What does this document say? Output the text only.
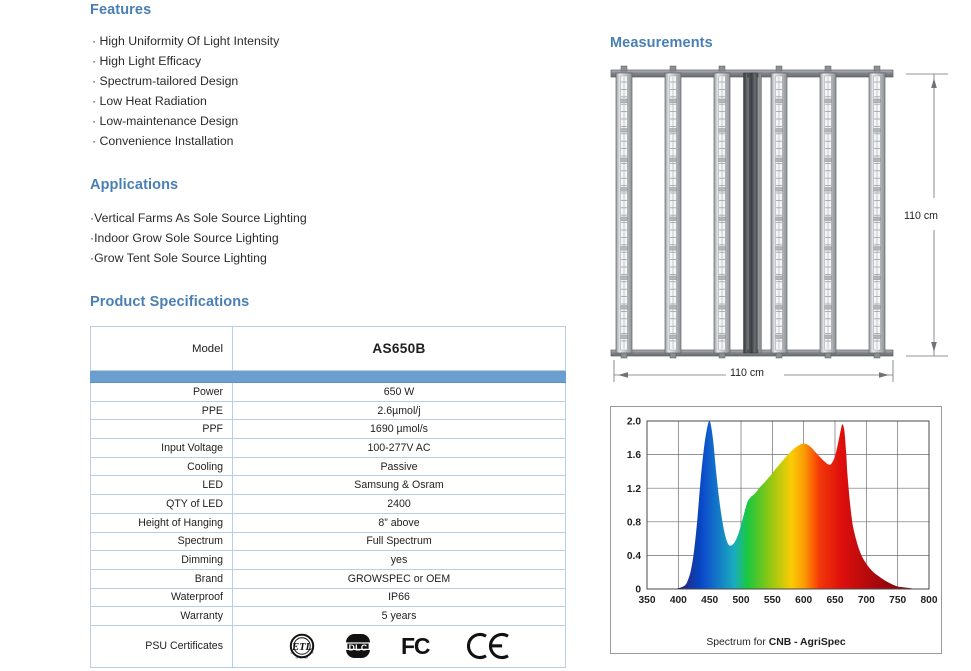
Features
· High Uniformity Of Light Intensity
· High Light Efficacy
· Spectrum-tailored Design
· Low Heat Radiation
· Low-maintenance Design
· Convenience Installation
Applications
·Vertical Farms As Sole Source Lighting
·Indoor Grow Sole Source Lighting
·Grow Tent Sole Source Lighting
Product Specifications
Model	AS650B

Power	650 W
PPE	2.6µmol/j
PPF	1690 µmol/s
Input Voltage	100-277V AC
Cooling	Passive
LED	Samsung & Osram
QTY of LED	2400
Height of Hanging	8” above
Spectrum	Full Spectrum
Dimming	yes
Brand	GROWSPEC or OEM
Waterproof	IP66
Warranty	5 years
PSU Certificates	ETL
c	us
INTERTEK
DLC FC
Measurements
110 cm
110 cm
350 400 450 500 550 600 650 700 750 800
0
0.4
0.8
1.2
1.6
2.0
Spectrum for CNB - AgriSpec
